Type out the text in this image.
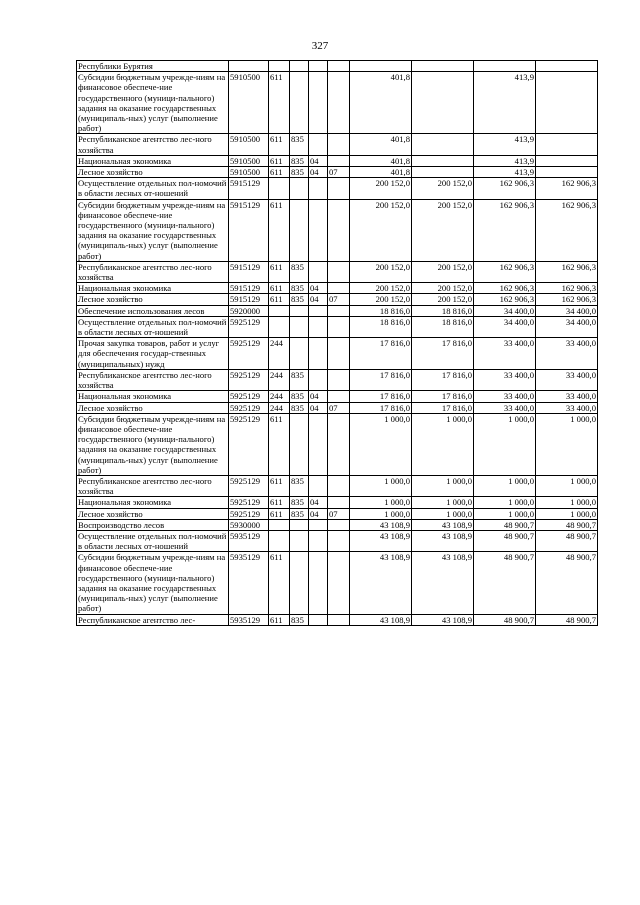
327
Республики Бурятия									
Субсидии бюджетным учрежде-ниям на финансовое обеспече-ние государственного (муници-пального) задания на оказание государственных (муниципаль-ных) услуг (выполнение работ)	5910500	611				401,8		413,9	
Республиканское агентство лес-ного хозяйства	5910500	611	835			401,8		413,9	
Национальная экономика	5910500	611	835	04		401,8		413,9	
Лесное хозяйство	5910500	611	835	04	07	401,8		413,9	
Осуществление отдельных пол-номочий в области лесных от-ношений	5915129					200 152,0	200 152,0	162 906,3	162 906,3
Субсидии бюджетным учрежде-ниям на финансовое обеспече-ние государственного (муници-пального) задания на оказание государственных (муниципаль-ных) услуг (выполнение работ)	5915129	611				200 152,0	200 152,0	162 906,3	162 906,3
Республиканское агентство лес-ного хозяйства	5915129	611	835			200 152,0	200 152,0	162 906,3	162 906,3
Национальная экономика	5915129	611	835	04		200 152,0	200 152,0	162 906,3	162 906,3
Лесное хозяйство	5915129	611	835	04	07	200 152,0	200 152,0	162 906,3	162 906,3
Обеспечение использования лесов	5920000					18 816,0	18 816,0	34 400,0	34 400,0
Осуществление отдельных пол-номочий в области лесных от-ношений	5925129					18 816,0	18 816,0	34 400,0	34 400,0
Прочая закупка товаров, работ и услуг для обеспечения государ-ственных (муниципальных) нужд	5925129	244				17 816,0	17 816,0	33 400,0	33 400,0
Республиканское агентство лес-ного хозяйства	5925129	244	835			17 816,0	17 816,0	33 400,0	33 400,0
Национальная экономика	5925129	244	835	04		17 816,0	17 816,0	33 400,0	33 400,0
Лесное хозяйство	5925129	244	835	04	07	17 816,0	17 816,0	33 400,0	33 400,0
Субсидии бюджетным учрежде-ниям на финансовое обеспече-ние государственного (муници-пального) задания на оказание государственных (муниципаль-ных) услуг (выполнение работ)	5925129	611				1 000,0	1 000,0	1 000,0	1 000,0
Республиканское агентство лес-ного хозяйства	5925129	611	835			1 000,0	1 000,0	1 000,0	1 000,0
Национальная экономика	5925129	611	835	04		1 000,0	1 000,0	1 000,0	1 000,0
Лесное хозяйство	5925129	611	835	04	07	1 000,0	1 000,0	1 000,0	1 000,0
Воспроизводство лесов	5930000					43 108,9	43 108,9	48 900,7	48 900,7
Осуществление отдельных пол-номочий в области лесных от-ношений	5935129					43 108,9	43 108,9	48 900,7	48 900,7
Субсидии бюджетным учрежде-ниям на финансовое обеспече-ние государственного (муници-пального) задания на оказание государственных (муниципаль-ных) услуг (выполнение работ)	5935129	611				43 108,9	43 108,9	48 900,7	48 900,7
Республиканское агентство лес-	5935129	611	835			43 108,9	43 108,9	48 900,7	48 900,7
